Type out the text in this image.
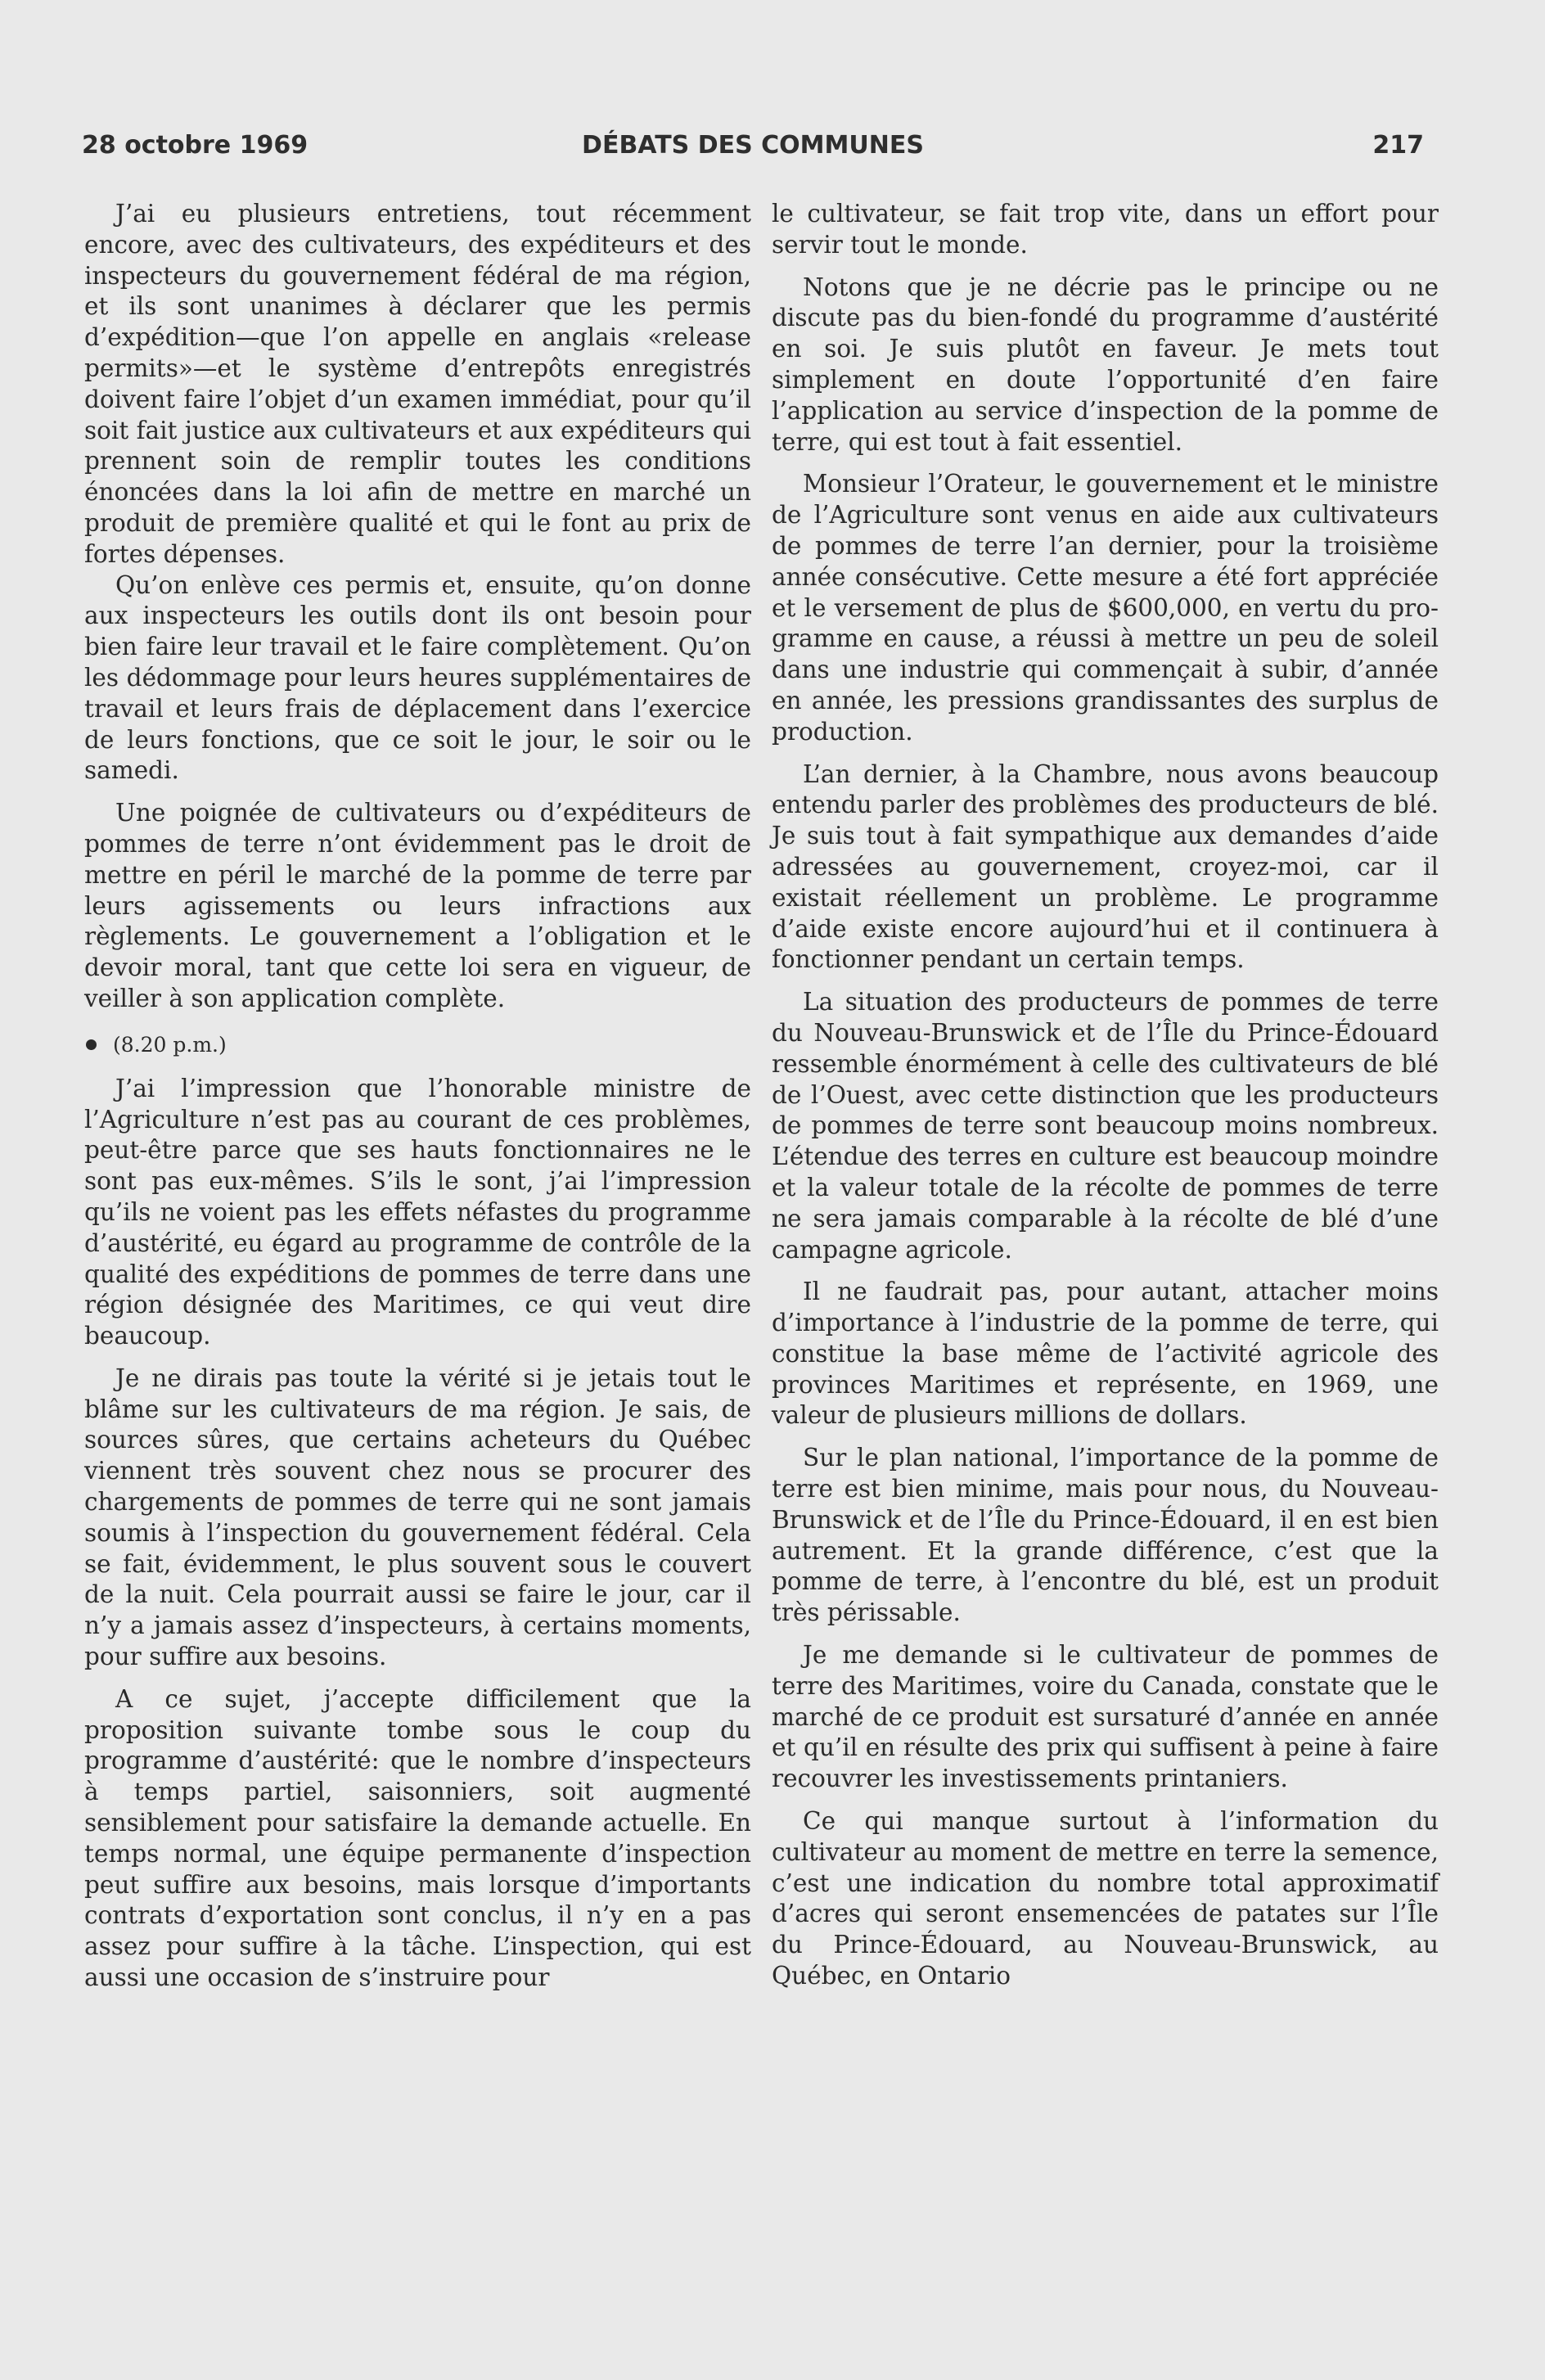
28 octobre 1969	DÉBATS DES COMMUNES	217

J’ai eu plusieurs entretiens, tout récemment encore, avec des cultivateurs, des expéditeurs et des inspecteurs du gouvernement fédéral de ma région, et ils sont unanimes à déclarer que les permis d’expédition—que l’on appelle en anglais «release permits»—et le système d’entrepôts enregistrés doivent faire l’objet d’un examen immédiat, pour qu’il soit fait justice aux cultivateurs et aux expéditeurs qui prennent soin de remplir toutes les conditions énoncées dans la loi afin de mettre en marché un produit de première qualité et qui le font au prix de fortes dépenses.

Qu’on enlève ces permis et, ensuite, qu’on donne aux inspecteurs les outils dont ils ont besoin pour bien faire leur travail et le faire complètement. Qu’on les dédommage pour leurs heures supplémentaires de travail et leurs frais de déplacement dans l’exercice de leurs fonctions, que ce soit le jour, le soir ou le samedi.

Une poignée de cultivateurs ou d’expéditeurs de pommes de terre n’ont évidemment pas le droit de mettre en péril le marché de la pomme de terre par leurs agissements ou leurs infractions aux règlements. Le gouvernement a l’obligation et le devoir moral, tant que cette loi sera en vigueur, de veiller à son application complète.

(8.20 p.m.)

J’ai l’impression que l’honorable ministre de l’Agriculture n’est pas au courant de ces problèmes, peut-être parce que ses hauts fonctionnaires ne le sont pas eux-mêmes. S’ils le sont, j’ai l’impression qu’ils ne voient pas les effets néfastes du programme d’austérité, eu égard au programme de contrôle de la qualité des expéditions de pommes de terre dans une région désignée des Maritimes, ce qui veut dire beaucoup.

Je ne dirais pas toute la vérité si je jetais tout le blâme sur les cultivateurs de ma région. Je sais, de sources sûres, que certains acheteurs du Québec viennent très souvent chez nous se procurer des chargements de pommes de terre qui ne sont jamais soumis à l’inspection du gouvernement fédéral. Cela se fait, évidemment, le plus souvent sous le couvert de la nuit. Cela pourrait aussi se faire le jour, car il n’y a jamais assez d’inspecteurs, à certains moments, pour suffire aux besoins.

A ce sujet, j’accepte difficilement que la proposition suivante tombe sous le coup du programme d’austérité: que le nombre d’inspecteurs à temps partiel, saisonniers, soit augmenté sensiblement pour satisfaire la demande actuelle. En temps normal, une équipe permanente d’inspection peut suffire aux besoins, mais lorsque d’importants contrats d’exportation sont conclus, il n’y en a pas assez pour suffire à la tâche. L’inspection, qui est aussi une occasion de s’instruire pour

le cultivateur, se fait trop vite, dans un effort pour servir tout le monde.

Notons que je ne décrie pas le principe ou ne discute pas du bien-fondé du programme d’austérité en soi. Je suis plutôt en faveur. Je mets tout simplement en doute l’opportunité d’en faire l’application au service d’inspection de la pomme de terre, qui est tout à fait essentiel.

Monsieur l’Orateur, le gouvernement et le ministre de l’Agriculture sont venus en aide aux cultivateurs de pommes de terre l’an dernier, pour la troisième année consécutive. Cette mesure a été fort appréciée et le versement de plus de $600,000, en vertu du programme en cause, a réussi à mettre un peu de soleil dans une industrie qui commençait à subir, d’année en année, les pressions grandissantes des surplus de production.

L’an dernier, à la Chambre, nous avons beaucoup entendu parler des problèmes des producteurs de blé. Je suis tout à fait sympathique aux demandes d’aide adressées au gouvernement, croyez-moi, car il existait réellement un problème. Le programme d’aide existe encore aujourd’hui et il continuera à fonctionner pendant un certain temps.

La situation des producteurs de pommes de terre du Nouveau-Brunswick et de l’Île du Prince-Édouard ressemble énormément à celle des cultivateurs de blé de l’Ouest, avec cette distinction que les producteurs de pommes de terre sont beaucoup moins nombreux. L’étendue des terres en culture est beaucoup moindre et la valeur totale de la récolte de pommes de terre ne sera jamais comparable à la récolte de blé d’une campagne agricole.

Il ne faudrait pas, pour autant, attacher moins d’importance à l’industrie de la pomme de terre, qui constitue la base même de l’activité agricole des provinces Maritimes et représente, en 1969, une valeur de plusieurs millions de dollars.

Sur le plan national, l’importance de la pomme de terre est bien minime, mais pour nous, du Nouveau-Brunswick et de l’Île du Prince-Édouard, il en est bien autrement. Et la grande différence, c’est que la pomme de terre, à l’encontre du blé, est un produit très périssable.

Je me demande si le cultivateur de pommes de terre des Maritimes, voire du Canada, constate que le marché de ce produit est sursaturé d’année en année et qu’il en résulte des prix qui suffisent à peine à faire recouvrer les investissements printaniers.

Ce qui manque surtout à l’information du cultivateur au moment de mettre en terre la semence, c’est une indication du nombre total approximatif d’acres qui seront ensemencées de patates sur l’Île du Prince-Édouard, au Nouveau-Brunswick, au Québec, en Ontario
